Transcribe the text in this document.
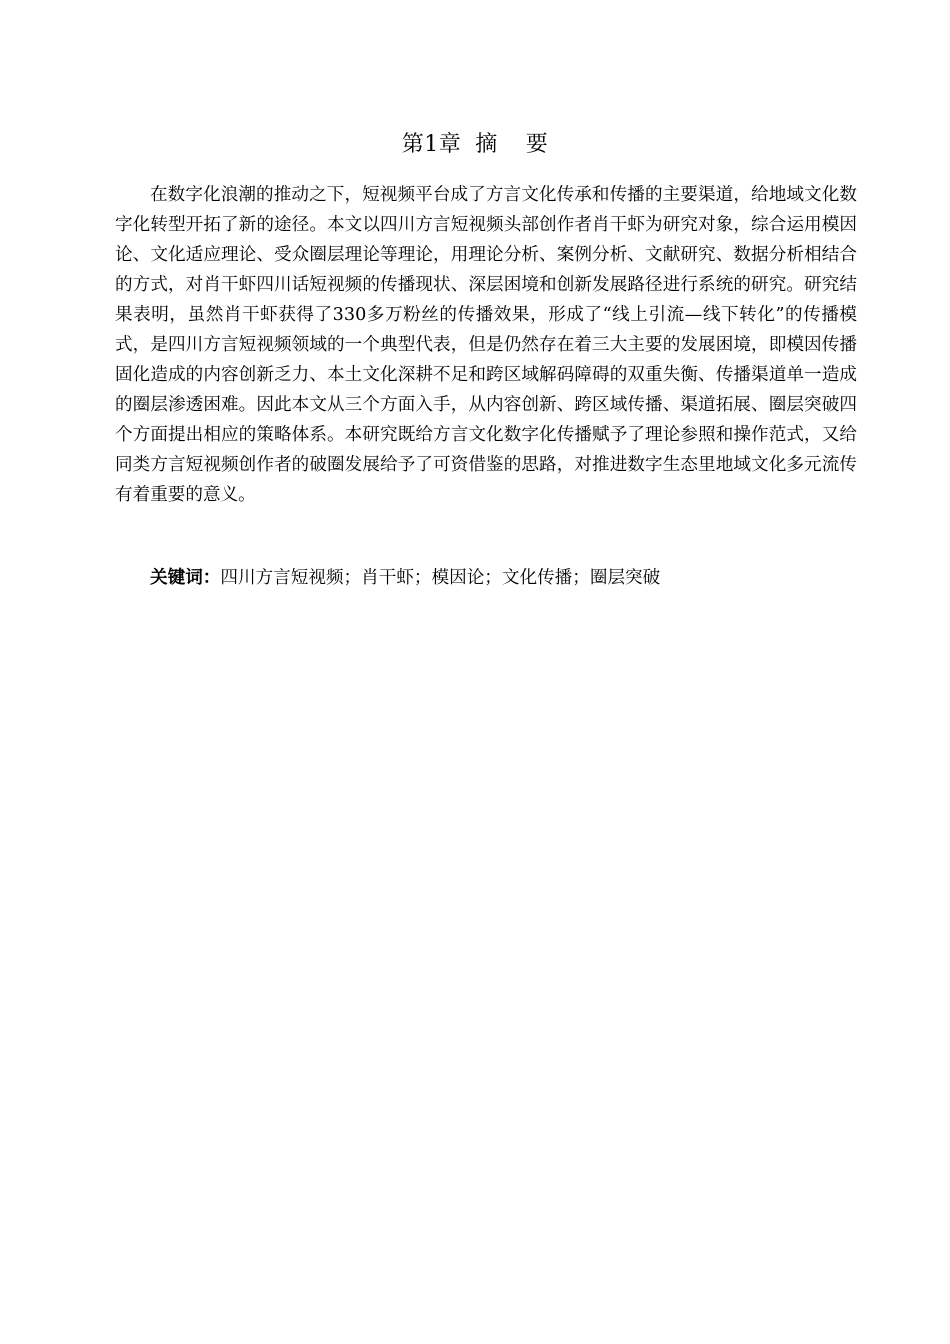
第1章 摘 要

在数字化浪潮的推动之下，短视频平台成了方言文化传承和传播的主要渠道，给地域文化数字化转型开拓了新的途径。本文以四川方言短视频头部创作者肖干虾为研究对象，综合运用模因论、文化适应理论、受众圈层理论等理论，用理论分析、案例分析、文献研究、数据分析相结合的方式，对肖干虾四川话短视频的传播现状、深层困境和创新发展路径进行系统的研究。研究结果表明，虽然肖干虾获得了330多万粉丝的传播效果，形成了“线上引流—线下转化”的传播模式，是四川方言短视频领域的一个典型代表，但是仍然存在着三大主要的发展困境，即模因传播固化造成的内容创新乏力、本土文化深耕不足和跨区域解码障碍的双重失衡、传播渠道单一造成的圈层渗透困难。因此本文从三个方面入手，从内容创新、跨区域传播、渠道拓展、圈层突破四个方面提出相应的策略体系。本研究既给方言文化数字化传播赋予了理论参照和操作范式，又给同类方言短视频创作者的破圈发展给予了可资借鉴的思路，对推进数字生态里地域文化多元流传有着重要的意义。

关键词：四川方言短视频；肖干虾；模因论；文化传播；圈层突破
